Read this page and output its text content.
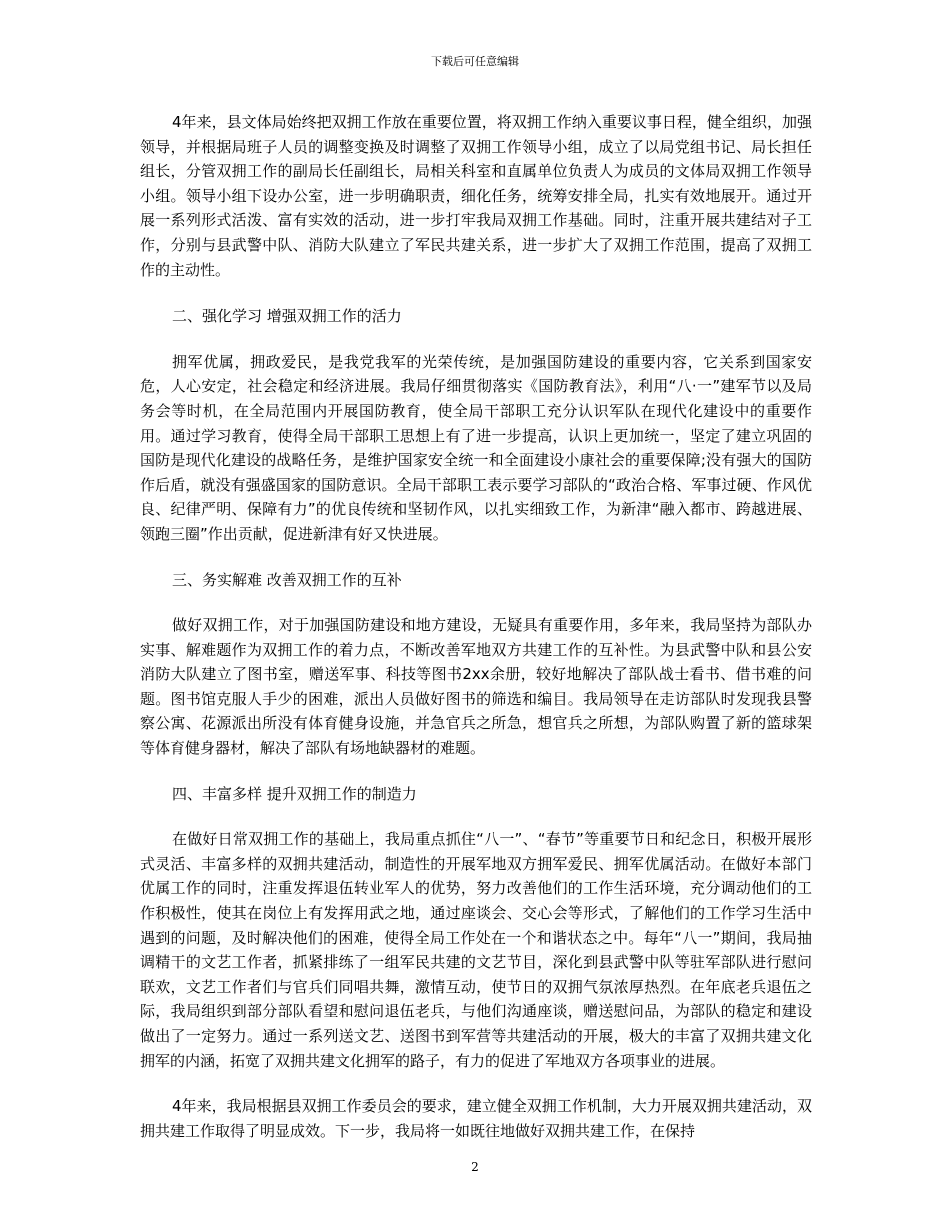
下载后可任意编辑

4年来，县文体局始终把双拥工作放在重要位置，将双拥工作纳入重要议事日程，健全组织，加强领导，并根据局班子人员的调整变换及时调整了双拥工作领导小组，成立了以局党组书记、局长担任组长，分管双拥工作的副局长任副组长，局相关科室和直属单位负责人为成员的文体局双拥工作领导小组。领导小组下设办公室，进一步明确职责，细化任务，统筹安排全局，扎实有效地展开。通过开展一系列形式活泼、富有实效的活动，进一步打牢我局双拥工作基础。同时，注重开展共建结对子工作，分别与县武警中队、消防大队建立了军民共建关系，进一步扩大了双拥工作范围，提高了双拥工作的主动性。

二、强化学习 增强双拥工作的活力

拥军优属，拥政爱民，是我党我军的光荣传统，是加强国防建设的重要内容，它关系到国家安危，人心安定，社会稳定和经济进展。我局仔细贯彻落实《国防教育法》，利用“八·一”建军节以及局务会等时机，在全局范围内开展国防教育，使全局干部职工充分认识军队在现代化建设中的重要作用。通过学习教育，使得全局干部职工思想上有了进一步提高，认识上更加统一，坚定了建立巩固的国防是现代化建设的战略任务，是维护国家安全统一和全面建设小康社会的重要保障;没有强大的国防作后盾，就没有强盛国家的国防意识。全局干部职工表示要学习部队的“政治合格、军事过硬、作风优良、纪律严明、保障有力”的优良传统和坚韧作风，以扎实细致工作，为新津“融入都市、跨越进展、领跑三圈”作出贡献，促进新津有好又快进展。

三、务实解难 改善双拥工作的互补

做好双拥工作，对于加强国防建设和地方建设，无疑具有重要作用，多年来，我局坚持为部队办实事、解难题作为双拥工作的着力点，不断改善军地双方共建工作的互补性。为县武警中队和县公安消防大队建立了图书室，赠送军事、科技等图书2xx余册，较好地解决了部队战士看书、借书难的问题。图书馆克服人手少的困难，派出人员做好图书的筛选和编目。我局领导在走访部队时发现我县警察公寓、花源派出所没有体育健身设施，并急官兵之所急，想官兵之所想，为部队购置了新的篮球架等体育健身器材，解决了部队有场地缺器材的难题。

四、丰富多样 提升双拥工作的制造力

在做好日常双拥工作的基础上，我局重点抓住“八一”、“春节”等重要节日和纪念日，积极开展形式灵活、丰富多样的双拥共建活动，制造性的开展军地双方拥军爱民、拥军优属活动。在做好本部门优属工作的同时，注重发挥退伍转业军人的优势，努力改善他们的工作生活环境，充分调动他们的工作积极性，使其在岗位上有发挥用武之地，通过座谈会、交心会等形式，了解他们的工作学习生活中遇到的问题，及时解决他们的困难，使得全局工作处在一个和谐状态之中。每年“八一”期间，我局抽调精干的文艺工作者，抓紧排练了一组军民共建的文艺节目，深化到县武警中队等驻军部队进行慰问联欢，文艺工作者们与官兵们同唱共舞，激情互动，使节日的双拥气氛浓厚热烈。在年底老兵退伍之际，我局组织到部分部队看望和慰问退伍老兵，与他们沟通座谈，赠送慰问品，为部队的稳定和建设做出了一定努力。通过一系列送文艺、送图书到军营等共建活动的开展，极大的丰富了双拥共建文化拥军的内涵，拓宽了双拥共建文化拥军的路子，有力的促进了军地双方各项事业的进展。

4年来，我局根据县双拥工作委员会的要求，建立健全双拥工作机制，大力开展双拥共建活动，双拥共建工作取得了明显成效。下一步，我局将一如既往地做好双拥共建工作，在保持

2
